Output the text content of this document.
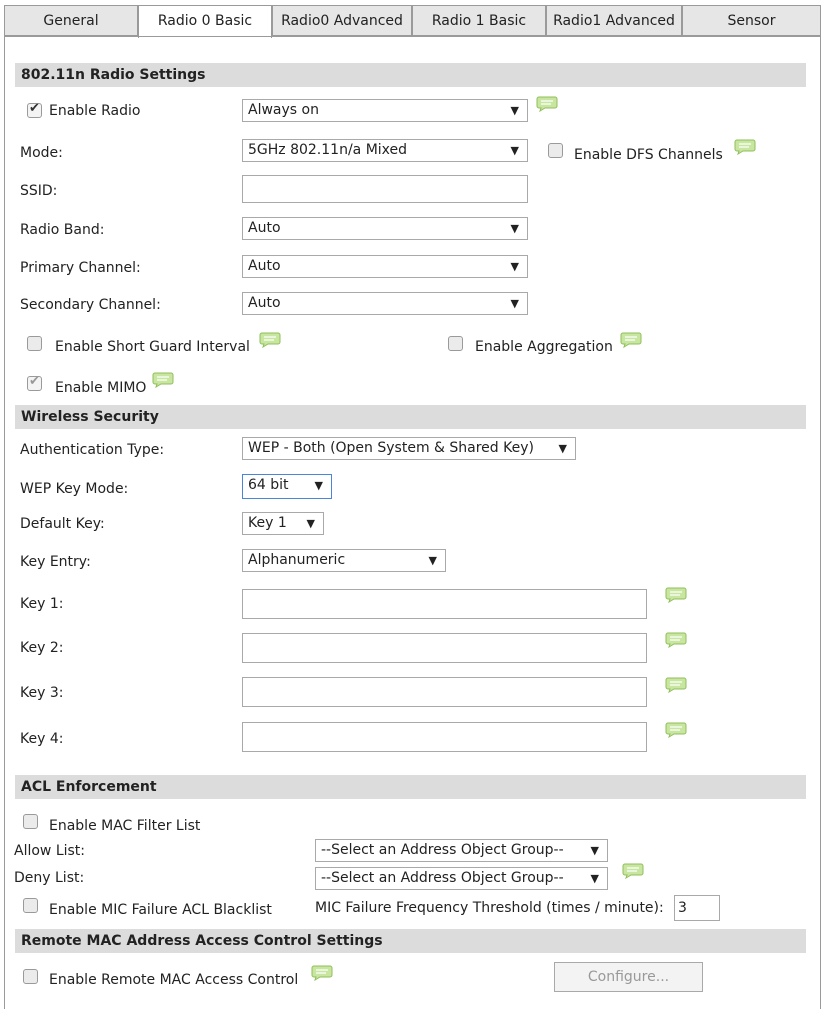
General	Radio 0 Basic	Radio0 Advanced	Radio 1 Basic	Radio1 Advanced	Sensor
802.11n Radio Settings
✔
Enable Radio	Always on	▼
Mode:	5GHz 802.11n/a Mixed	▼	Enable DFS Channels
SSID:
Radio Band:	Auto	▼
Primary Channel:	Auto	▼
Secondary Channel:	Auto	▼
Enable Short Guard Interval	Enable Aggregation
✔
Enable MIMO
Wireless Security
Authentication Type:	WEP - Both (Open System & Shared Key) ▼
WEP Key Mode:	64 bit ▼
Default Key:	Key 1 ▼
Key Entry:	Alphanumeric	▼
Key 1:
Key 2:
Key 3:
Key 4:
ACL Enforcement
Enable MAC Filter List
Allow List:	--Select an Address Object Group-- ▼
Deny List:	--Select an Address Object Group-- ▼
Enable MIC Failure ACL Blacklist	MIC Failure Frequency Threshold (times / minute): 3
Remote MAC Address Access Control Settings
Enable Remote MAC Access Control	Configure...
